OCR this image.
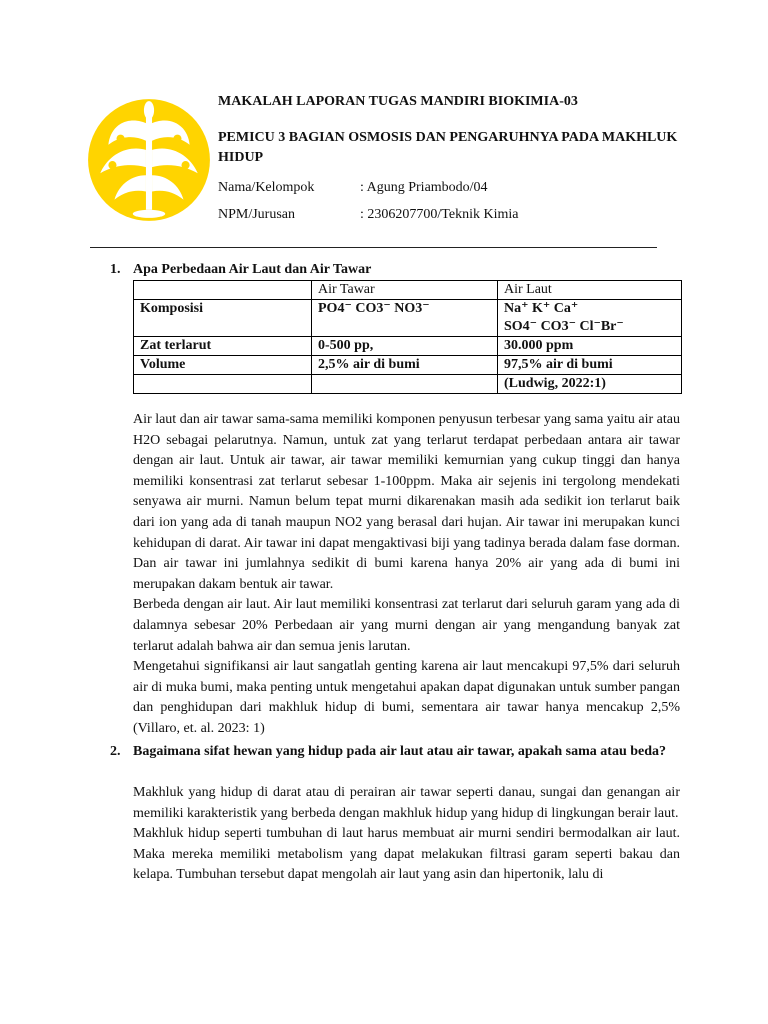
MAKALAH LAPORAN TUGAS MANDIRI BIOKIMIA-03
PEMICU 3 BAGIAN OSMOSIS DAN PENGARUHNYA PADA MAKHLUK HIDUP
Nama/Kelompok	: Agung Priambodo/04
NPM/Jurusan	: 2306207700/Teknik Kimia
1. Apa Perbedaan Air Laut dan Air Tawar
	Air Tawar	Air Laut
Komposisi	PO4⁻ CO3⁻ NO3⁻	Na⁺ K⁺ Ca⁺
SO4⁻ CO3⁻ Cl⁻Br⁻

Zat terlarut	0-500 pp,	30.000 ppm
Volume	2,5% air di bumi	97,5% air di bumi
		(Ludwig, 2022:1)

Air laut dan air tawar sama-sama memiliki komponen penyusun terbesar yang sama yaitu air atau H2O sebagai pelarutnya. Namun, untuk zat yang terlarut terdapat perbedaan antara air tawar dengan air laut. Untuk air tawar, air tawar memiliki kemurnian yang cukup tinggi dan hanya memiliki konsentrasi zat terlarut sebesar 1-100ppm. Maka air sejenis ini tergolong mendekati senyawa air murni. Namun belum tepat murni dikarenakan masih ada sedikit ion terlarut baik dari ion yang ada di tanah maupun NO2 yang berasal dari hujan. Air tawar ini merupakan kunci kehidupan di darat. Air tawar ini dapat mengaktivasi biji yang tadinya berada dalam fase dorman. Dan air tawar ini jumlahnya sedikit di bumi karena hanya 20% air yang ada di bumi ini merupakan dakam bentuk air tawar.

Berbeda dengan air laut. Air laut memiliki konsentrasi zat terlarut dari seluruh garam yang ada di dalamnya sebesar 20% Perbedaan air yang murni dengan air yang mengandung banyak zat terlarut adalah bahwa air dan semua jenis larutan.

Mengetahui signifikansi air laut sangatlah genting karena air laut mencakupi 97,5% dari seluruh air di muka bumi, maka penting untuk mengetahui apakan dapat digunakan untuk sumber pangan dan penghidupan dari makhluk hidup di bumi, sementara air tawar hanya mencakup 2,5% (Villaro, et. al. 2023: 1)

2. Bagaimana sifat hewan yang hidup pada air laut atau air tawar, apakah sama atau beda?

Makhluk yang hidup di darat atau di perairan air tawar seperti danau, sungai dan genangan air memiliki karakteristik yang berbeda dengan makhluk hidup yang hidup di lingkungan berair laut.

Makhluk hidup seperti tumbuhan di laut harus membuat air murni sendiri bermodalkan air laut. Maka mereka memiliki metabolism yang dapat melakukan filtrasi garam seperti bakau dan kelapa. Tumbuhan tersebut dapat mengolah air laut yang asin dan hipertonik, lalu di
